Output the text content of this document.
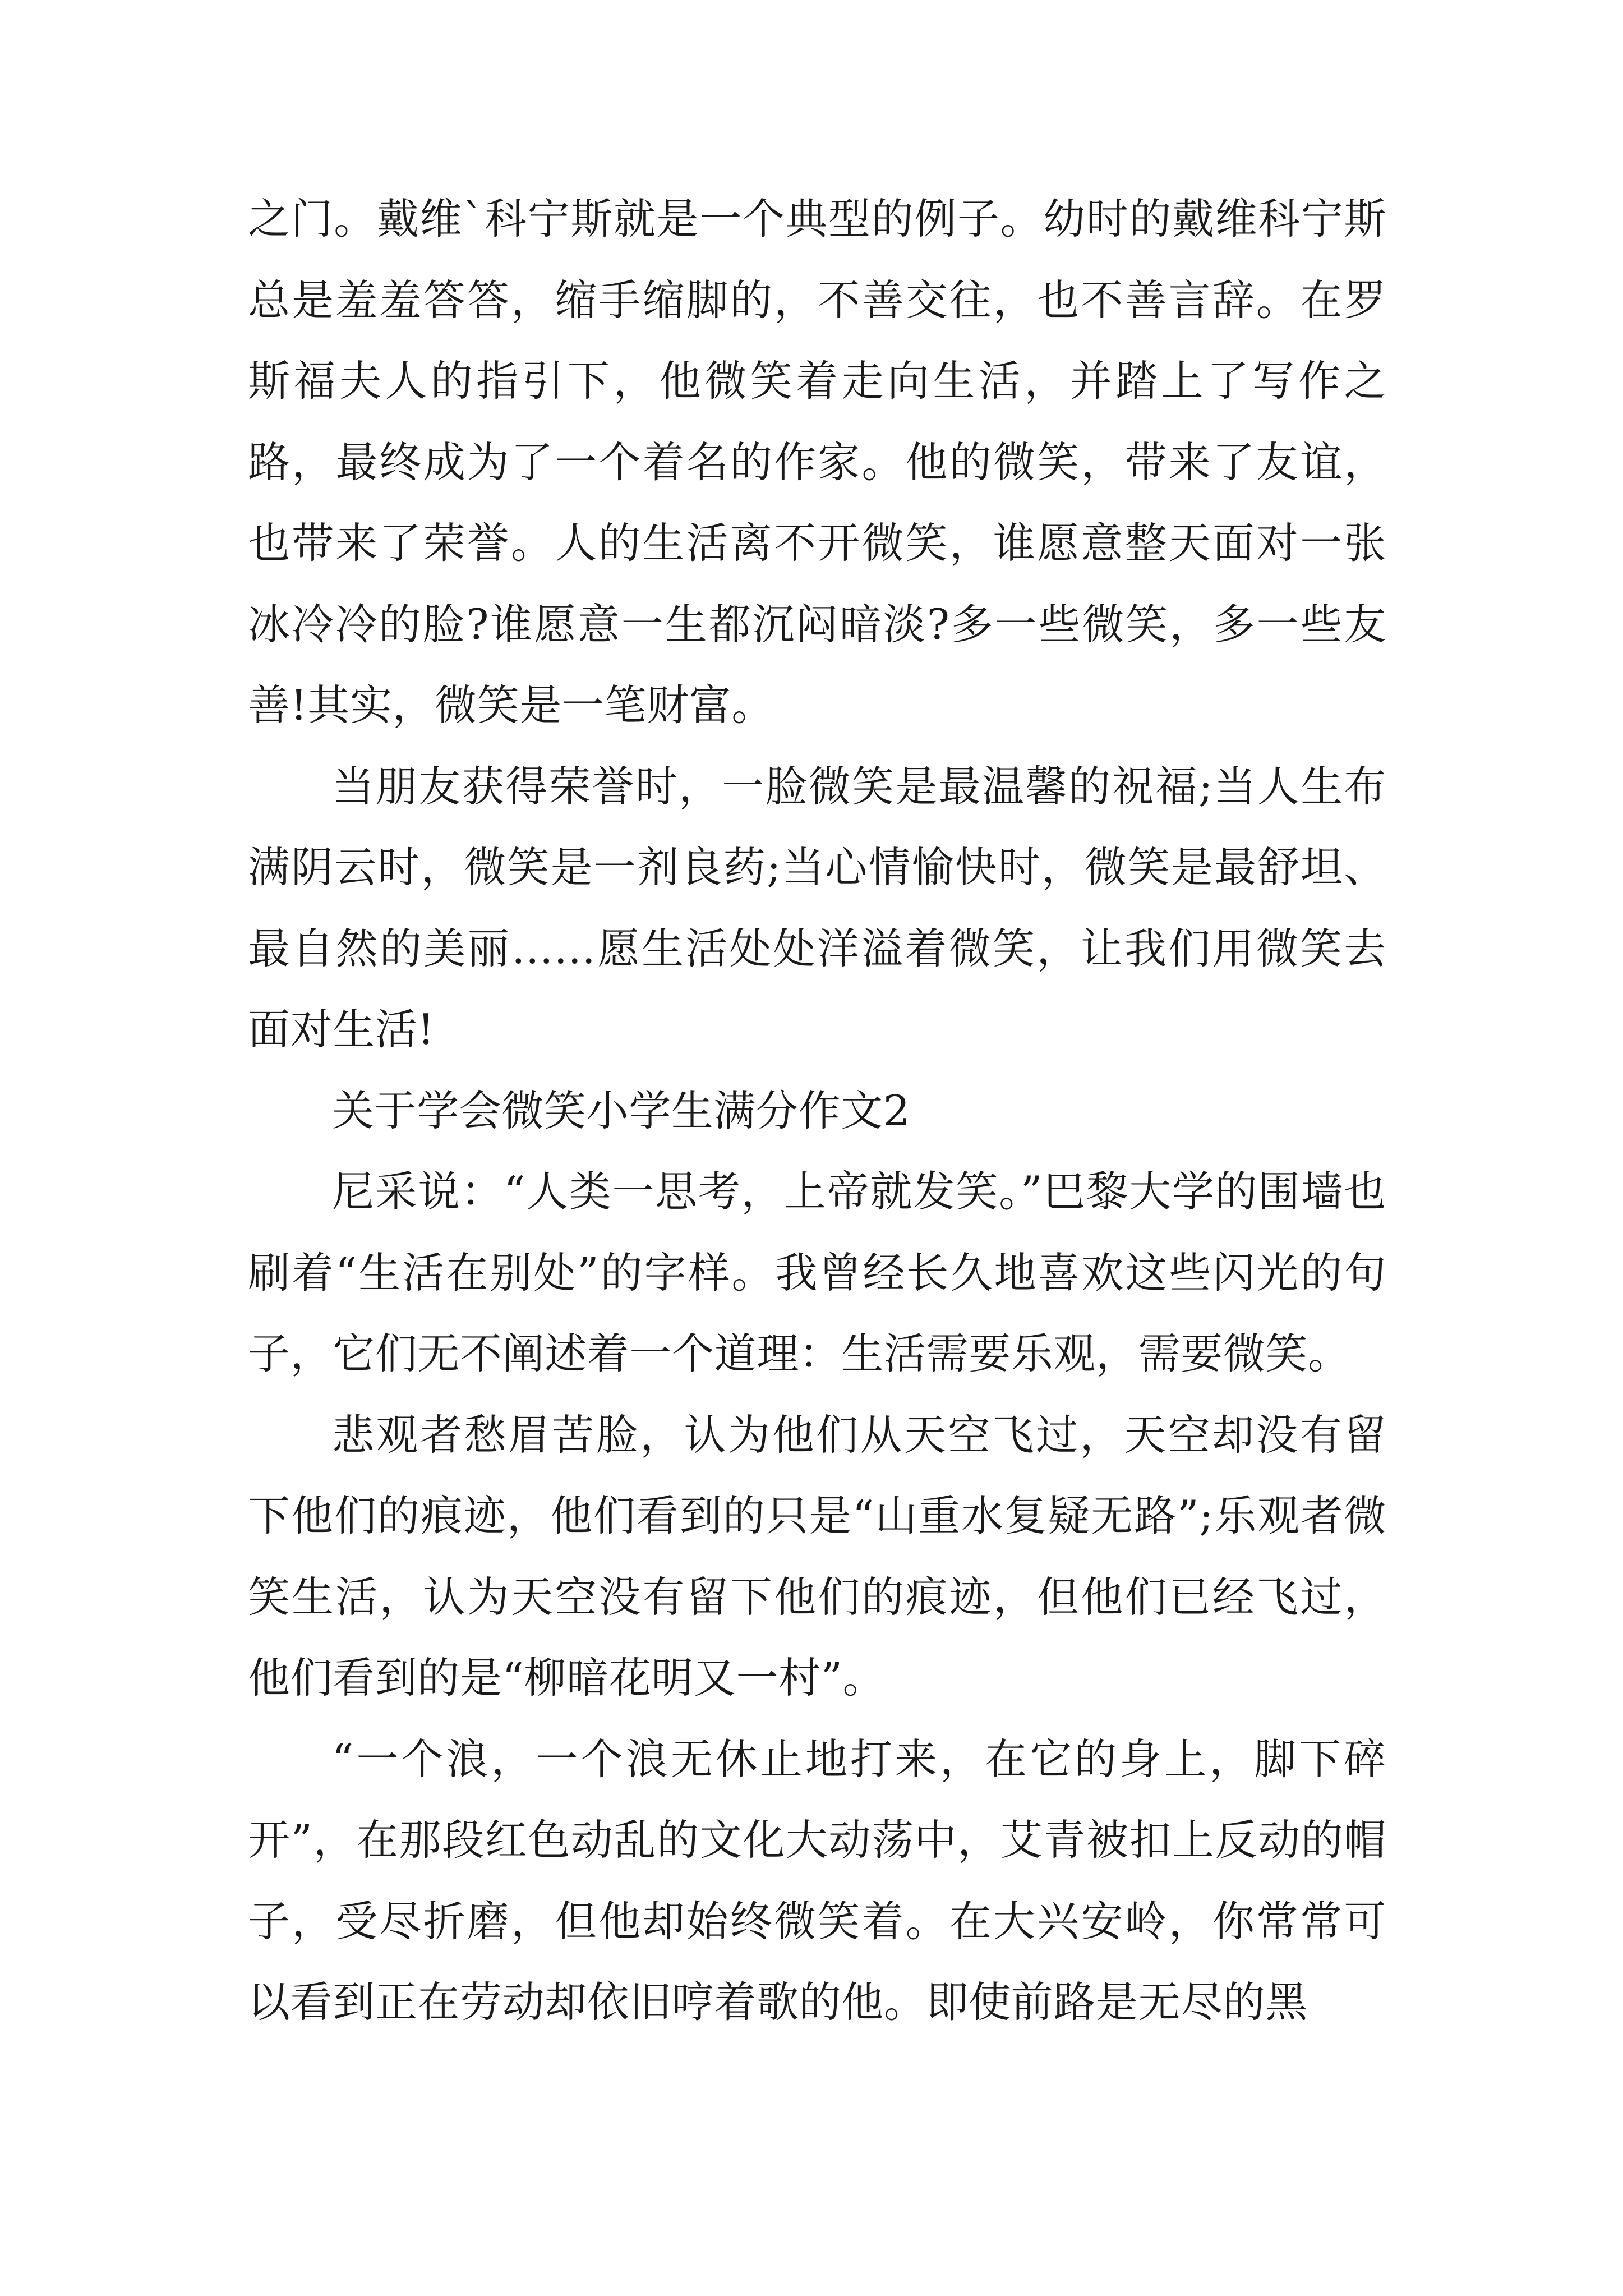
之门。戴维`科宁斯就是一个典型的例子。幼时的戴维科宁斯总是羞羞答答，缩手缩脚的，不善交往，也不善言辞。在罗斯福夫人的指引下，他微笑着走向生活，并踏上了写作之路，最终成为了一个着名的作家。他的微笑，带来了友谊，也带来了荣誉。人的生活离不开微笑，谁愿意整天面对一张冰冷冷的脸?谁愿意一生都沉闷暗淡?多一些微笑，多一些友善!其实，微笑是一笔财富。

当朋友获得荣誉时，一脸微笑是最温馨的祝福;当人生布满阴云时，微笑是一剂良药;当心情愉快时，微笑是最舒坦、最自然的美丽……愿生活处处洋溢着微笑，让我们用微笑去面对生活!

关于学会微笑小学生满分作文2

尼采说：“人类一思考，上帝就发笑。”巴黎大学的围墙也刷着“生活在别处”的字样。我曾经长久地喜欢这些闪光的句子，它们无不阐述着一个道理：生活需要乐观，需要微笑。

悲观者愁眉苦脸，认为他们从天空飞过，天空却没有留下他们的痕迹，他们看到的只是“山重水复疑无路”;乐观者微笑生活，认为天空没有留下他们的痕迹，但他们已经飞过，他们看到的是“柳暗花明又一村”。

“一个浪，一个浪无休止地打来，在它的身上，脚下碎开”，在那段红色动乱的文化大动荡中，艾青被扣上反动的帽子，受尽折磨，但他却始终微笑着。在大兴安岭，你常常可以看到正在劳动却依旧哼着歌的他。即使前路是无尽的黑
